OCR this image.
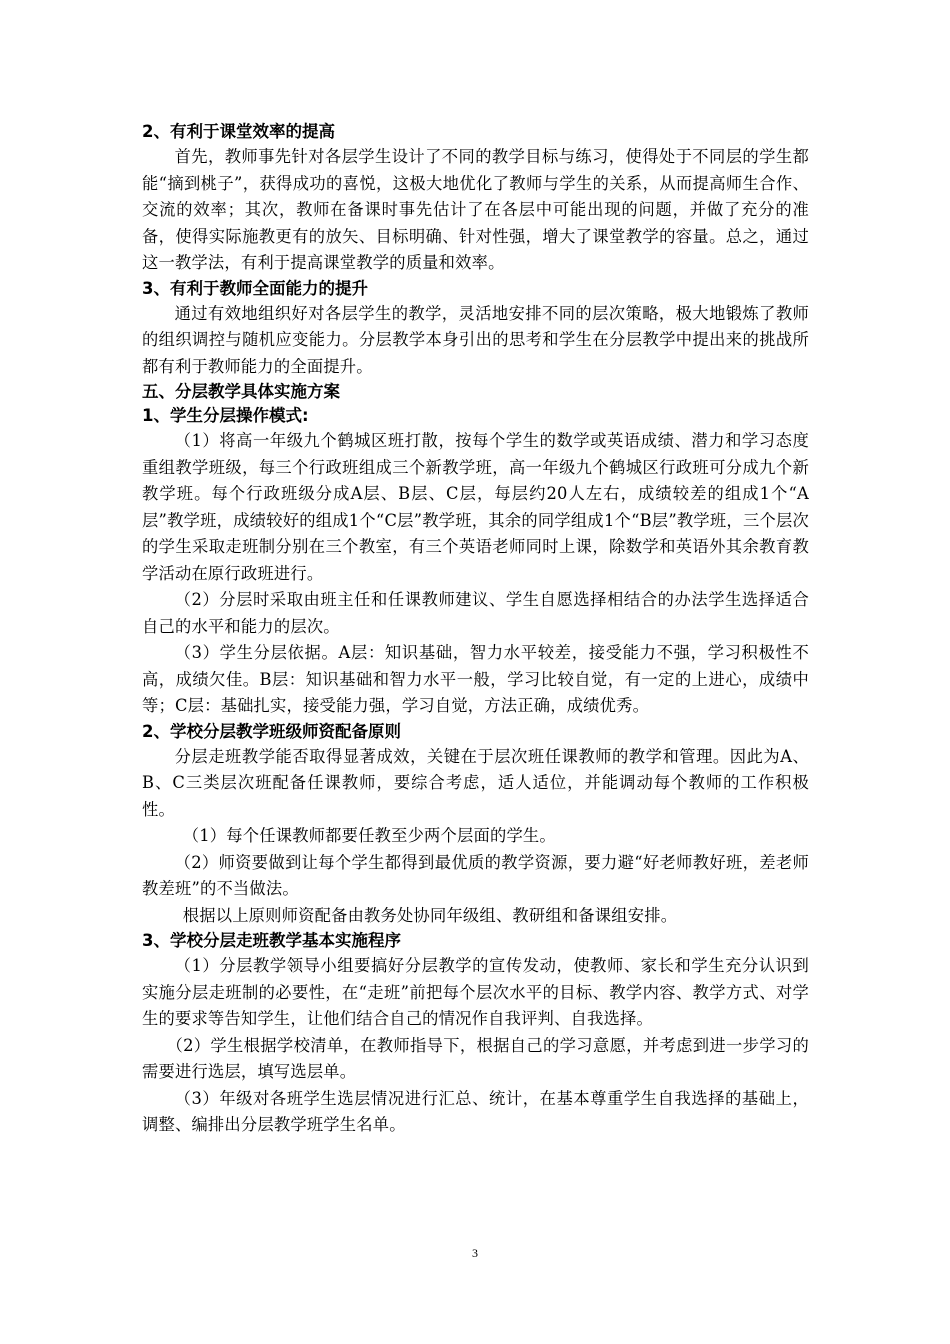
2、有利于课堂效率的提高

首先，教师事先针对各层学生设计了不同的教学目标与练习，使得处于不同层的学生都能“摘到桃子”，获得成功的喜悦，这极大地优化了教师与学生的关系，从而提高师生合作、交流的效率；其次，教师在备课时事先估计了在各层中可能出现的问题，并做了充分的准备，使得实际施教更有的放矢、目标明确、针对性强，增大了课堂教学的容量。总之，通过这一教学法，有利于提高课堂教学的质量和效率。

3、有利于教师全面能力的提升

通过有效地组织好对各层学生的教学，灵活地安排不同的层次策略，极大地锻炼了教师的组织调控与随机应变能力。分层教学本身引出的思考和学生在分层教学中提出来的挑战所都有利于教师能力的全面提升。

五、分层教学具体实施方案
1、学生分层操作模式:

（1）将高一年级九个鹤城区班打散，按每个学生的数学或英语成绩、潜力和学习态度重组教学班级，每三个行政班组成三个新教学班，高一年级九个鹤城区行政班可分成九个新教学班。每个行政班级分成A层、B层、C层，每层约20人左右，成绩较差的组成1个“A层”教学班，成绩较好的组成1个“C层”教学班，其余的同学组成1个“B层”教学班，三个层次的学生采取走班制分别在三个教室，有三个英语老师同时上课，除数学和英语外其余教育教学活动在原行政班进行。

（2）分层时采取由班主任和任课教师建议、学生自愿选择相结合的办法学生选择适合自己的水平和能力的层次。

（3）学生分层依据。A层：知识基础，智力水平较差，接受能力不强，学习积极性不高，成绩欠佳。B层：知识基础和智力水平一般，学习比较自觉，有一定的上进心，成绩中等；C层：基础扎实，接受能力强，学习自觉，方法正确，成绩优秀。

2、学校分层教学班级师资配备原则

分层走班教学能否取得显著成效，关键在于层次班任课教师的教学和管理。因此为A、B、C三类层次班配备任课教师，要综合考虑，适人适位，并能调动每个教师的工作积极性。

（1）每个任课教师都要任教至少两个层面的学生。

（2）师资要做到让每个学生都得到最优质的教学资源，要力避“好老师教好班，差老师教差班”的不当做法。

根据以上原则师资配备由教务处协同年级组、教研组和备课组安排。

3、学校分层走班教学基本实施程序

（1）分层教学领导小组要搞好分层教学的宣传发动，使教师、家长和学生充分认识到实施分层走班制的必要性，在“走班”前把每个层次水平的目标、教学内容、教学方式、对学生的要求等告知学生，让他们结合自己的情况作自我评判、自我选择。

（2）学生根据学校清单，在教师指导下，根据自己的学习意愿，并考虑到进一步学习的需要进行选层，填写选层单。

（3）年级对各班学生选层情况进行汇总、统计，在基本尊重学生自我选择的基础上，调整、编排出分层教学班学生名单。

3
